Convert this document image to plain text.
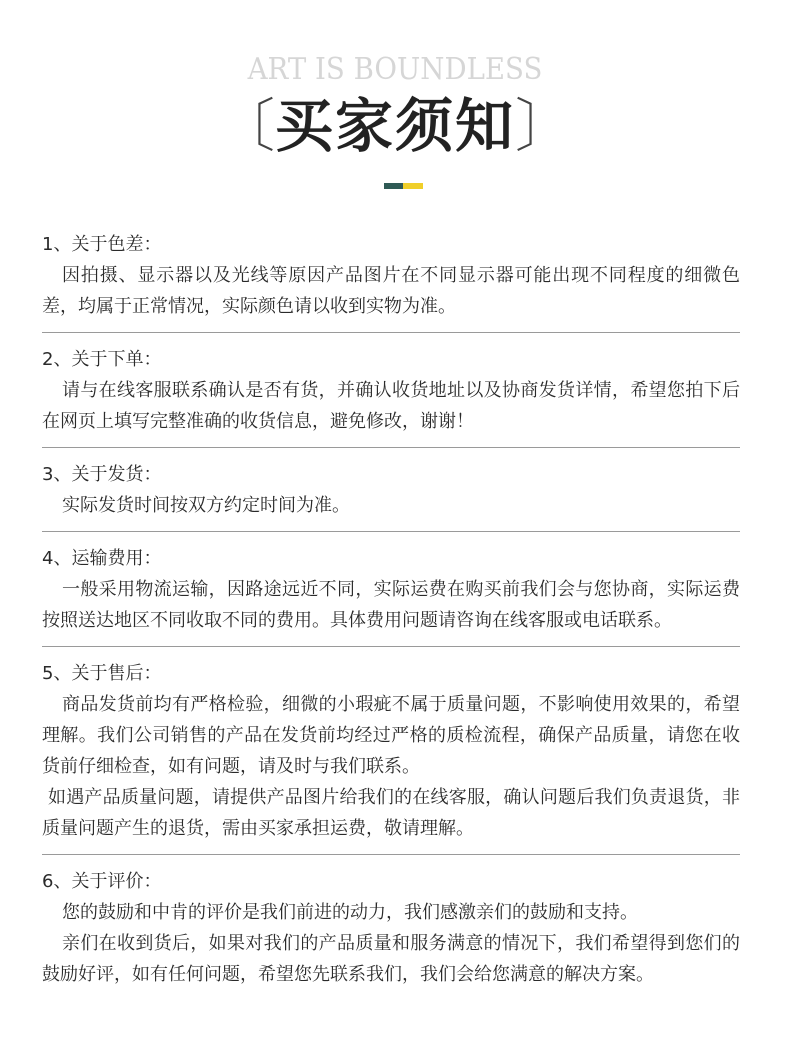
ART IS BOUNDLESS
〔买家须知〕
1、关于色差：

因拍摄、显示器以及光线等原因产品图片在不同显示器可能出现不同程度的细微色差，均属于正常情况，实际颜色请以收到实物为准。

2、关于下单：

请与在线客服联系确认是否有货，并确认收货地址以及协商发货详情，希望您拍下后在网页上填写完整准确的收货信息，避免修改，谢谢！

3、关于发货：

实际发货时间按双方约定时间为准。

4、运输费用：

一般采用物流运输，因路途远近不同，实际运费在购买前我们会与您协商，实际运费按照送达地区不同收取不同的费用。具体费用问题请咨询在线客服或电话联系。

5、关于售后：

商品发货前均有严格检验，细微的小瑕疵不属于质量问题，不影响使用效果的，希望理解。我们公司销售的产品在发货前均经过严格的质检流程，确保产品质量，请您在收货前仔细检查，如有问题，请及时与我们联系。

如遇产品质量问题，请提供产品图片给我们的在线客服，确认问题后我们负责退货，非质量问题产生的退货，需由买家承担运费，敬请理解。

6、关于评价：

您的鼓励和中肯的评价是我们前进的动力，我们感激亲们的鼓励和支持。

亲们在收到货后，如果对我们的产品质量和服务满意的情况下，我们希望得到您们的鼓励好评，如有任何问题，希望您先联系我们，我们会给您满意的解决方案。
